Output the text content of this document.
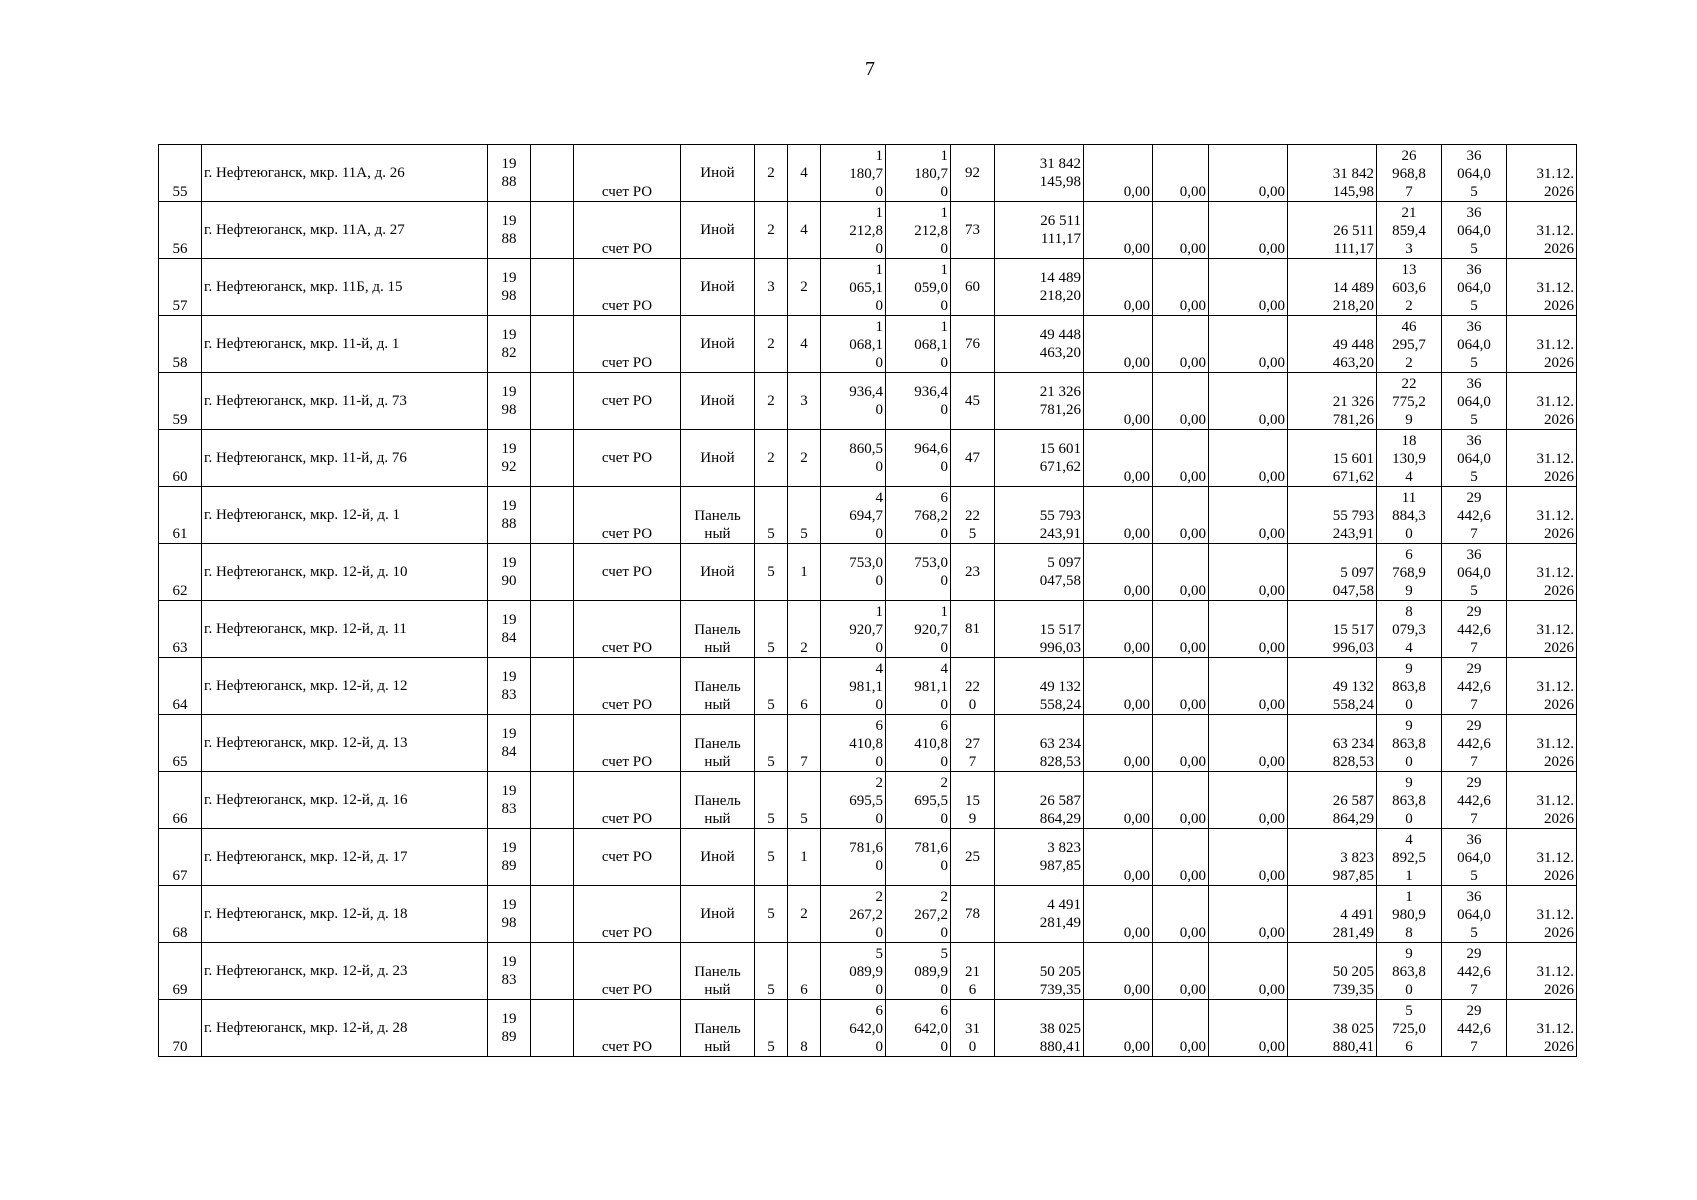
7
55	г. Нефтеюганск, мкр. 11А, д. 26	19
88		счет РО	Иной	2	4	1
180,7
0	1
180,7
0	92	31 842
145,98	0,00	0,00	0,00	31 842
145,98	26
968,8
7	36
064,0
5	31.12.
2026

56	г. Нефтеюганск, мкр. 11А, д. 27	19
88		счет РО	Иной	2	4	1
212,8
0	1
212,8
0	73	26 511
111,17	0,00	0,00	0,00	26 511
111,17	21
859,4
3	36
064,0
5	31.12.
2026

57	г. Нефтеюганск, мкр. 11Б, д. 15	19
98		счет РО	Иной	3	2	1
065,1
0	1
059,0
0	60	14 489
218,20	0,00	0,00	0,00	14 489
218,20	13
603,6
2	36
064,0
5	31.12.
2026

58	г. Нефтеюганск, мкр. 11-й, д. 1	19
82		счет РО	Иной	2	4	1
068,1
0	1
068,1
0	76	49 448
463,20	0,00	0,00	0,00	49 448
463,20	46
295,7
2	36
064,0
5	31.12.
2026

59	г. Нефтеюганск, мкр. 11-й, д. 73	19
98		счет РО	Иной	2	3	936,4
0	936,4
0	45	21 326
781,26	0,00	0,00	0,00	21 326
781,26	22
775,2
9	36
064,0
5	31.12.
2026

60	г. Нефтеюганск, мкр. 11-й, д. 76	19
92		счет РО	Иной	2	2	860,5
0	964,6
0	47	15 601
671,62	0,00	0,00	0,00	15 601
671,62	18
130,9
4	36
064,0
5	31.12.
2026

61	г. Нефтеюганск, мкр. 12-й, д. 1	19
88		счет РО	Панель
ный	5	5	4
694,7
0	6
768,2
0	22
5	55 793
243,91	0,00	0,00	0,00	55 793
243,91	11
884,3
0	29
442,6
7	31.12.
2026

62	г. Нефтеюганск, мкр. 12-й, д. 10	19
90		счет РО	Иной	5	1	753,0
0	753,0
0	23	5 097
047,58	0,00	0,00	0,00	5 097
047,58	6
768,9
9	36
064,0
5	31.12.
2026

63	г. Нефтеюганск, мкр. 12-й, д. 11	19
84		счет РО	Панель
ный	5	2	1
920,7
0	1
920,7
0	81	15 517
996,03	0,00	0,00	0,00	15 517
996,03	8
079,3
4	29
442,6
7	31.12.
2026

64	г. Нефтеюганск, мкр. 12-й, д. 12	19
83		счет РО	Панель
ный	5	6	4
981,1
0	4
981,1
0	22
0	49 132
558,24	0,00	0,00	0,00	49 132
558,24	9
863,8
0	29
442,6
7	31.12.
2026

65	г. Нефтеюганск, мкр. 12-й, д. 13	19
84		счет РО	Панель
ный	5	7	6
410,8
0	6
410,8
0	27
7	63 234
828,53	0,00	0,00	0,00	63 234
828,53	9
863,8
0	29
442,6
7	31.12.
2026

66	г. Нефтеюганск, мкр. 12-й, д. 16	19
83		счет РО	Панель
ный	5	5	2
695,5
0	2
695,5
0	15
9	26 587
864,29	0,00	0,00	0,00	26 587
864,29	9
863,8
0	29
442,6
7	31.12.
2026

67	г. Нефтеюганск, мкр. 12-й, д. 17	19
89		счет РО	Иной	5	1	781,6
0	781,6
0	25	3 823
987,85	0,00	0,00	0,00	3 823
987,85	4
892,5
1	36
064,0
5	31.12.
2026

68	г. Нефтеюганск, мкр. 12-й, д. 18	19
98		счет РО	Иной	5	2	2
267,2
0	2
267,2
0	78	4 491
281,49	0,00	0,00	0,00	4 491
281,49	1
980,9
8	36
064,0
5	31.12.
2026

69	г. Нефтеюганск, мкр. 12-й, д. 23	19
83		счет РО	Панель
ный	5	6	5
089,9
0	5
089,9
0	21
6	50 205
739,35	0,00	0,00	0,00	50 205
739,35	9
863,8
0	29
442,6
7	31.12.
2026

70	г. Нефтеюганск, мкр. 12-й, д. 28	19
89		счет РО	Панель
ный	5	8	6
642,0
0	6
642,0
0	31
0	38 025
880,41	0,00	0,00	0,00	38 025
880,41	5
725,0
6	29
442,6
7	31.12.
2026
